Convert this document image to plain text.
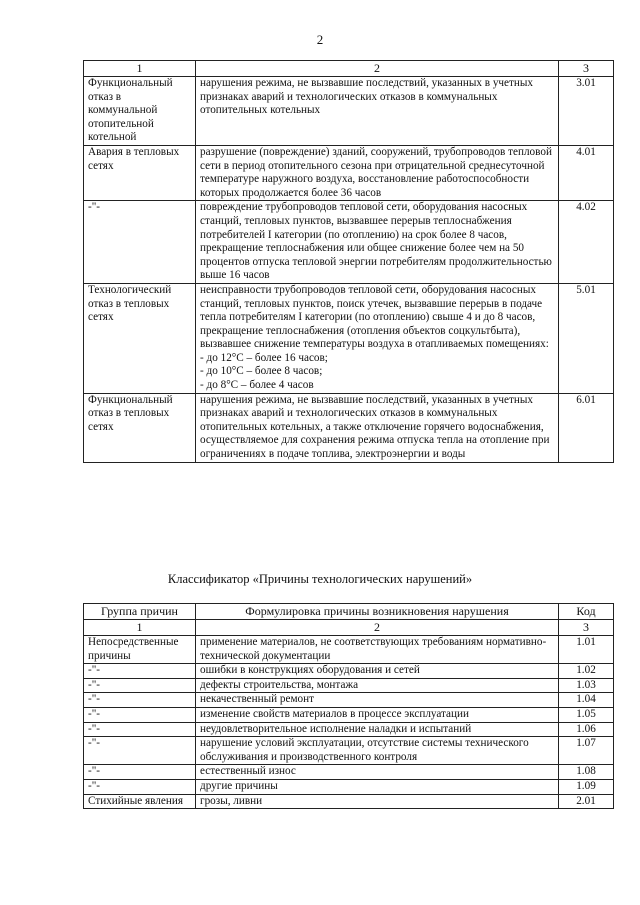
2
1	2	3
Функциональный отказ в коммунальной отопительной котельной	нарушения режима, не вызвавшие последствий, указанных в учетных признаках аварий и технологических отказов в коммунальных отопительных котельных	3.01
Авария в тепловых сетях	разрушение (повреждение) зданий, сооружений, трубопроводов тепловой сети в период отопительного сезона при отрицательной среднесуточной температуре наружного воздуха, восстановление работоспособности которых продолжается более 36 часов	4.01
-"-	повреждение трубопроводов тепловой сети, оборудования насосных станций, тепловых пунктов, вызвавшее перерыв теплоснабжения потребителей I категории (по отоплению) на срок более 8 часов, прекращение теплоснабжения или общее снижение более чем на 50 процентов отпуска тепловой энергии потребителям продолжительностью выше 16 часов	4.02
Технологический отказ в тепловых сетях	неисправности трубопроводов тепловой сети, оборудования насосных станций, тепловых пунктов, поиск утечек, вызвавшие перерыв в подаче тепла потребителям I категории (по отоплению) свыше 4 и до 8 часов, прекращение теплоснабжения (отопления объектов соцкультбыта), вызвавшее снижение температуры воздуха в отапливаемых помещениях:
- до 12°С – более 16 часов;
- до 10°С – более 8 часов;
- до 8°С – более 4 часов	5.01
Функциональный отказ в тепловых сетях	нарушения режима, не вызвавшие последствий, указанных в учетных признаках аварий и технологических отказов в коммунальных отопительных котельных, а также отключение горячего водоснабжения, осуществляемое для сохранения режима отпуска тепла на отопление при ограничениях в подаче топлива, электроэнергии и воды	6.01
Классификатор «Причины технологических нарушений»
Группа причин	Формулировка причины возникновения нарушения	Код
1	2	3
Непосредственные причины	применение материалов, не соответствующих требованиям нормативно-технической документации	1.01
-"-	ошибки в конструкциях оборудования и сетей	1.02
-"-	дефекты строительства, монтажа	1.03
-"-	некачественный ремонт	1.04
-"-	изменение свойств материалов в процессе эксплуатации	1.05
-"-	неудовлетворительное исполнение наладки и испытаний	1.06
-"-	нарушение условий эксплуатации, отсутствие системы технического обслуживания и производственного контроля	1.07
-"-	естественный износ	1.08
-"-	другие причины	1.09
Стихийные явления	грозы, ливни	2.01
